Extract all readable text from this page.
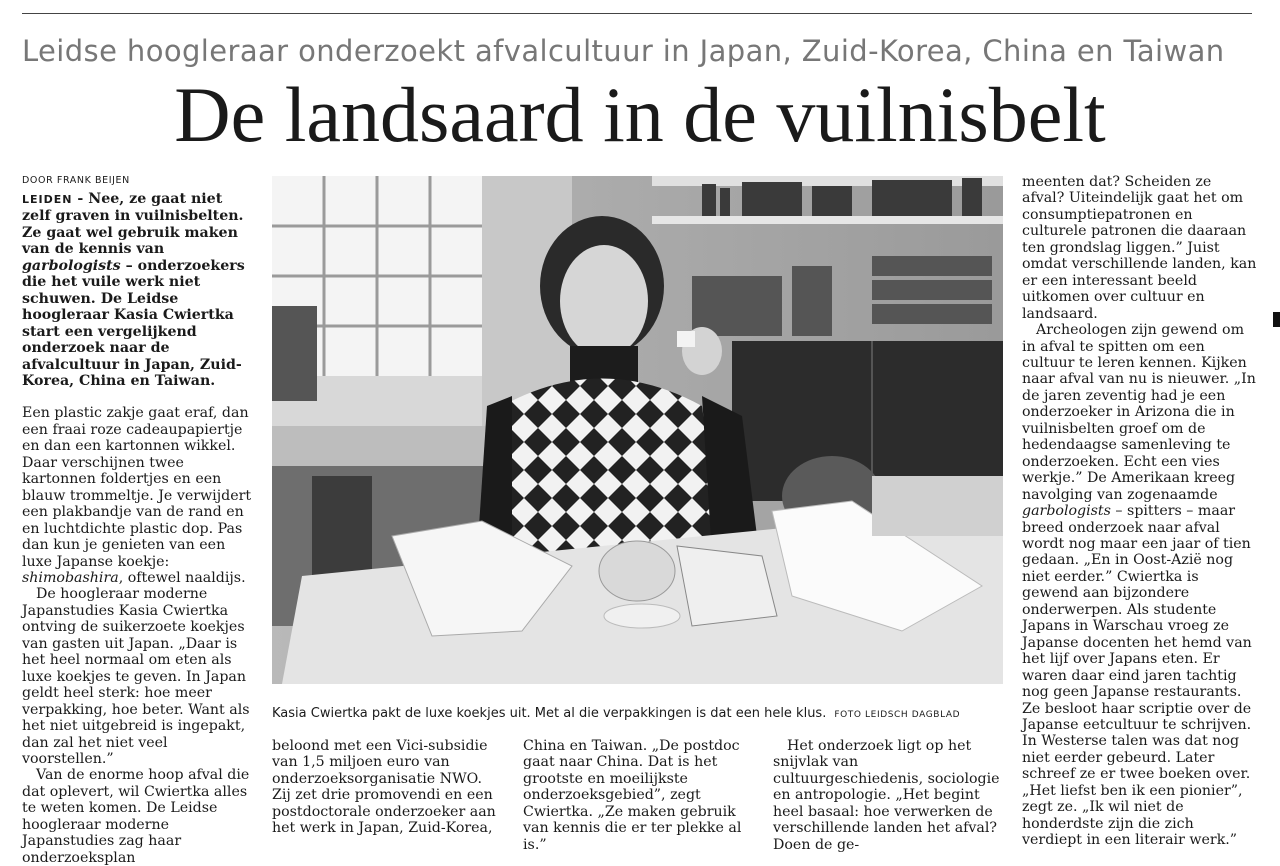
Leidse hoogleraar onderzoekt afvalcultuur in Japan, Zuid-Korea, China en Taiwan
De landsaard in de vuilnisbelt

DOOR FRANK BEIJEN

LEIDEN - Nee, ze gaat niet zelf graven in vuilnisbelten. Ze gaat wel gebruik maken van de kennis van garbologists – onderzoekers die het vuile werk niet schuwen. De Leidse hoogleraar Kasia Cwiertka start een vergelijkend onderzoek naar de afvalcultuur in Japan, Zuid-Korea, China en Taiwan.

Een plastic zakje gaat eraf, dan een fraai roze cadeaupapiertje en dan een kartonnen wikkel. Daar verschijnen twee kartonnen foldertjes en een blauw trommeltje. Je verwijdert een plakbandje van de rand en en luchtdichte plastic dop. Pas dan kun je genieten van een luxe Japanse koekje: shimobashira, oftewel naaldijs.

De hoogleraar moderne Japanstudies Kasia Cwiertka ontving de suikerzoete koekjes van gasten uit Japan. „Daar is het heel normaal om eten als luxe koekjes te geven. In Japan geldt heel sterk: hoe meer verpakking, hoe beter. Want als het niet uitgebreid is ingepakt, dan zal het niet veel voorstellen.”

Van de enorme hoop afval die dat oplevert, wil Cwiertka alles te weten komen. De Leidse hoogleraar moderne Japanstudies zag haar onderzoeksplan

Kasia Cwiertka pakt de luxe koekjes uit. Met al die verpakkingen is dat een hele klus. FOTO LEIDSCH DAGBLAD

beloond met een Vici-subsidie van 1,5 miljoen euro van onderzoeksorganisatie NWO. Zij zet drie promovendi en een postdoctorale onderzoeker aan het werk in Japan, Zuid-Korea,

China en Taiwan. „De postdoc gaat naar China. Dat is het grootste en moeilijkste onderzoeksgebied”, zegt Cwiertka. „Ze maken gebruik van kennis die er ter plekke al is.”

Het onderzoek ligt op het snijvlak van cultuurgeschiedenis, sociologie en antropologie. „Het begint heel basaal: hoe verwerken de verschillende landen het afval? Doen de ge-

meenten dat? Scheiden ze afval? Uiteindelijk gaat het om consumptiepatronen en culturele patronen die daaraan ten grondslag liggen.” Juist omdat verschillende landen, kan er een interessant beeld uitkomen over cultuur en landsaard.

Archeologen zijn gewend om in afval te spitten om een cultuur te leren kennen. Kijken naar afval van nu is nieuwer. „In de jaren zeventig had je een onderzoeker in Arizona die in vuilnisbelten groef om de hedendaagse samenleving te onderzoeken. Echt een vies werkje.” De Amerikaan kreeg navolging van zogenaamde garbologists – spitters – maar breed onderzoek naar afval wordt nog maar een jaar of tien gedaan. „En in Oost-Azië nog niet eerder.” Cwiertka is gewend aan bijzondere onderwerpen. Als studente Japans in Warschau vroeg ze Japanse docenten het hemd van het lijf over Japans eten. Er waren daar eind jaren tachtig nog geen Japanse restaurants. Ze besloot haar scriptie over de Japanse eetcultuur te schrijven. In Westerse talen was dat nog niet eerder gebeurd. Later schreef ze er twee boeken over. „Het liefst ben ik een pionier”, zegt ze. „Ik wil niet de honderdste zijn die zich verdiept in een literair werk.”
